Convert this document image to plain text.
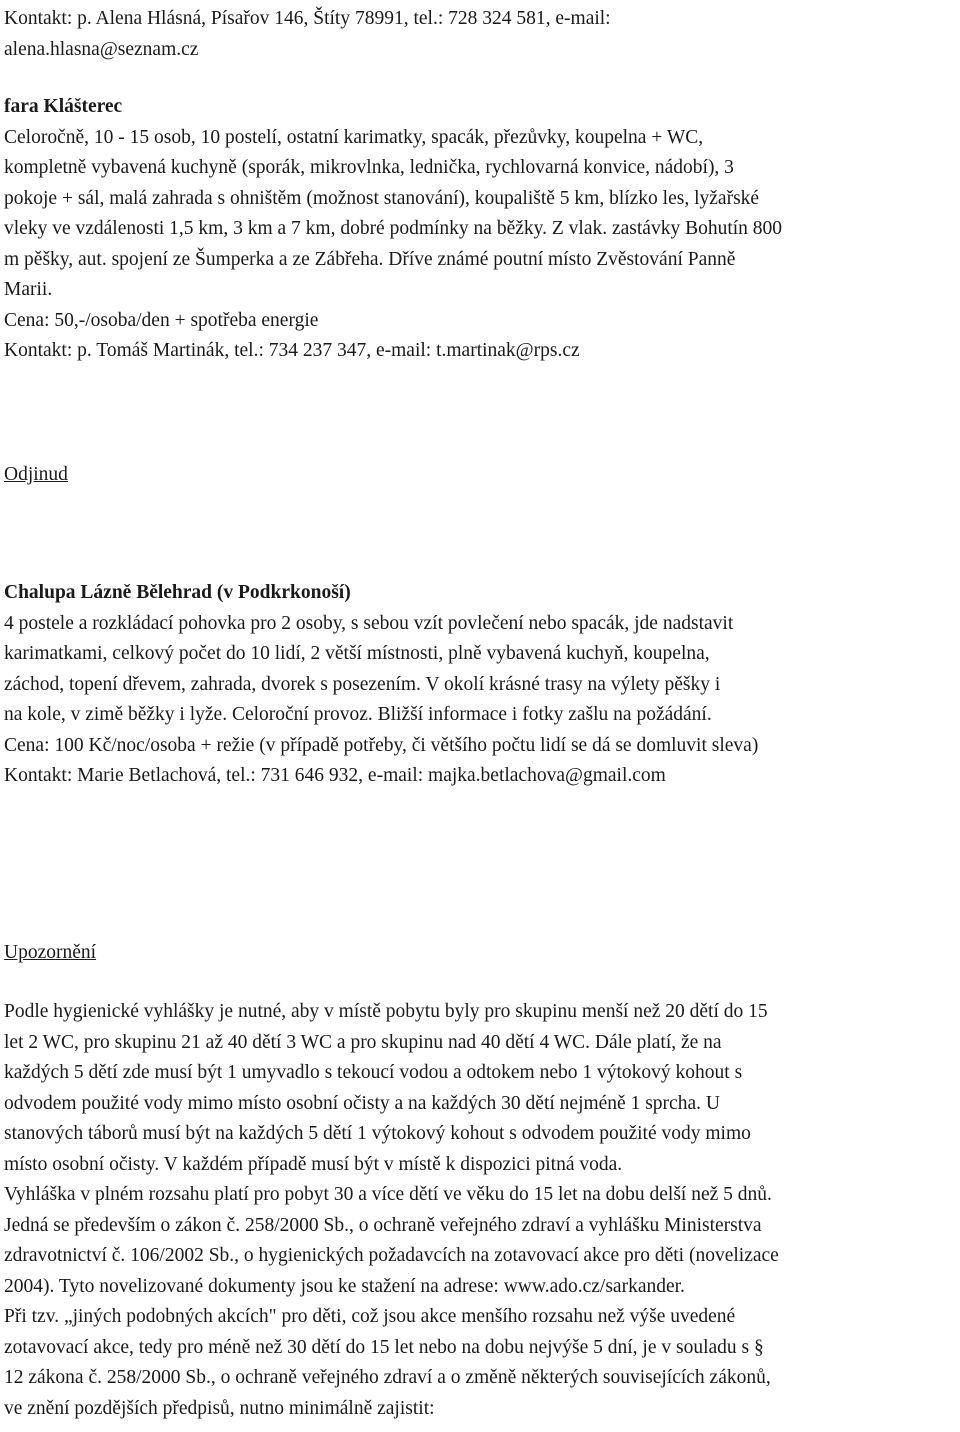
Kontakt: p. Alena Hlásná, Písařov 146, Štíty 78991, tel.: 728 324 581, e-mail:
alena.hlasna@seznam.cz
fara Klášterec
Celoročně, 10 - 15 osob, 10 postelí, ostatní karimatky, spacák, přezůvky, koupelna + WC,
kompletně vybavená kuchyně (sporák, mikrovlnka, lednička, rychlovarná konvice, nádobí), 3
pokoje + sál, malá zahrada s ohništěm (možnost stanování), koupaliště 5 km, blízko les, lyžařské
vleky ve vzdálenosti 1,5 km, 3 km a 7 km, dobré podmínky na běžky. Z vlak. zastávky Bohutín 800
m pěšky, aut. spojení ze Šumperka a ze Zábřeha. Dříve známé poutní místo Zvěstování Panně
Marii.
Cena: 50,-/osoba/den + spotřeba energie
Kontakt: p. Tomáš Martinák, tel.: 734 237 347, e-mail: t.martinak@rps.cz
Odjinud
Chalupa Lázně Bělehrad (v Podkrkonoší)
4 postele a rozkládací pohovka pro 2 osoby, s sebou vzít povlečení nebo spacák, jde nadstavit
karimatkami, celkový počet do 10 lidí, 2 větší místnosti, plně vybavená kuchyň, koupelna,
záchod, topení dřevem, zahrada, dvorek s posezením. V okolí krásné trasy na výlety pěšky i
na kole, v zimě běžky i lyže. Celoroční provoz. Bližší informace i fotky zašlu na požádání.
Cena: 100 Kč/noc/osoba + režie (v případě potřeby, či většího počtu lidí se dá se domluvit sleva)
Kontakt: Marie Betlachová, tel.: 731 646 932, e-mail: majka.betlachova@gmail.com
Upozornění
Podle hygienické vyhlášky je nutné, aby v místě pobytu byly pro skupinu menší než 20 dětí do 15
let 2 WC, pro skupinu 21 až 40 dětí 3 WC a pro skupinu nad 40 dětí 4 WC. Dále platí, že na
každých 5 dětí zde musí být 1 umyvadlo s tekoucí vodou a odtokem nebo 1 výtokový kohout s
odvodem použité vody mimo místo osobní očisty a na každých 30 dětí nejméně 1 sprcha. U
stanových táborů musí být na každých 5 dětí 1 výtokový kohout s odvodem použité vody mimo
místo osobní očisty. V každém případě musí být v místě k dispozici pitná voda.
Vyhláška v plném rozsahu platí pro pobyt 30 a více dětí ve věku do 15 let na dobu delší než 5 dnů.
Jedná se především o zákon č. 258/2000 Sb., o ochraně veřejného zdraví a vyhlášku Ministerstva
zdravotnictví č. 106/2002 Sb., o hygienických požadavcích na zotavovací akce pro děti (novelizace
2004). Tyto novelizované dokumenty jsou ke stažení na adrese: www.ado.cz/sarkander.
Při tzv. „jiných podobných akcích" pro děti, což jsou akce menšího rozsahu než výše uvedené
zotavovací akce, tedy pro méně než 30 dětí do 15 let nebo na dobu nejvýše 5 dní, je v souladu s §
12 zákona č. 258/2000 Sb., o ochraně veřejného zdraví a o změně některých souvisejících zákonů,
ve znění pozdějších předpisů, nutno minimálně zajistit:
